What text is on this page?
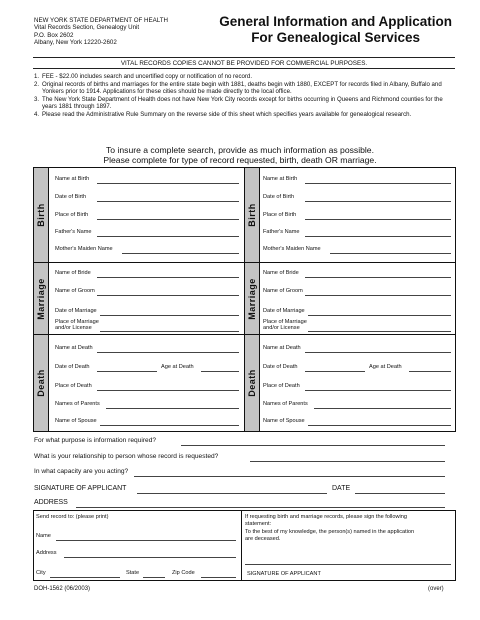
NEW YORK STATE DEPARTMENT OF HEALTH
Vital Records Section, Genealogy Unit
P.O. Box 2602
Albany, New York 12220-2602
General Information and Application
For Genealogical Services
VITAL RECORDS COPIES CANNOT BE PROVIDED FOR COMMERCIAL PURPOSES.
1. FEE - $22.00 includes search and uncertified copy or notification of no record.
2. Original records of births and marriages for the entire state begin with 1881, deaths begin with 1880, EXCEPT for records filed in Albany, Buffalo and Yonkers prior to 1914. Applications for these cities should be made directly to the local office.
3. The New York State Department of Health does not have New York City records except for births occurring in Queens and Richmond counties for the years 1881 through 1897.
4. Please read the Administrative Rule Summary on the reverse side of this sheet which specifies years available for genealogical research.
To insure a complete search, provide as much information as possible.
Please complete for type of record requested, birth, death OR marriage.
Birth
Name at Birth
Date of Birth
Place of Birth
Father's Name
Mother's Maiden Name
Marriage
Name of Bride
Name of Groom
Date of Marriage
Place of Marriage
and/or License
Death
Name at Death
Date of Death	Age at Death
Place of Death
Names of Parents
Name of Spouse
Birth
Name at Birth
Date of Birth
Place of Birth
Father's Name
Mother's Maiden Name
Marriage
Name of Bride
Name of Groom
Date of Marriage
Place of Marriage
and/or License
Death
Name at Death
Date of Death	Age at Death
Place of Death
Names of Parents
Name of Spouse
For what purpose is information required?
What is your relationship to person whose record is requested?
In what capacity are you acting?
SIGNATURE OF APPLICANT	DATE
ADDRESS
Send record to: (please print)
Name
Address
City	State	Zip Code
If requesting birth and marriage records, please sign the following
statement:
To the best of my knowledge, the person(s) named in the application
are deceased.
SIGNATURE OF APPLICANT
DOH-1562 (06/2003)	(over)
